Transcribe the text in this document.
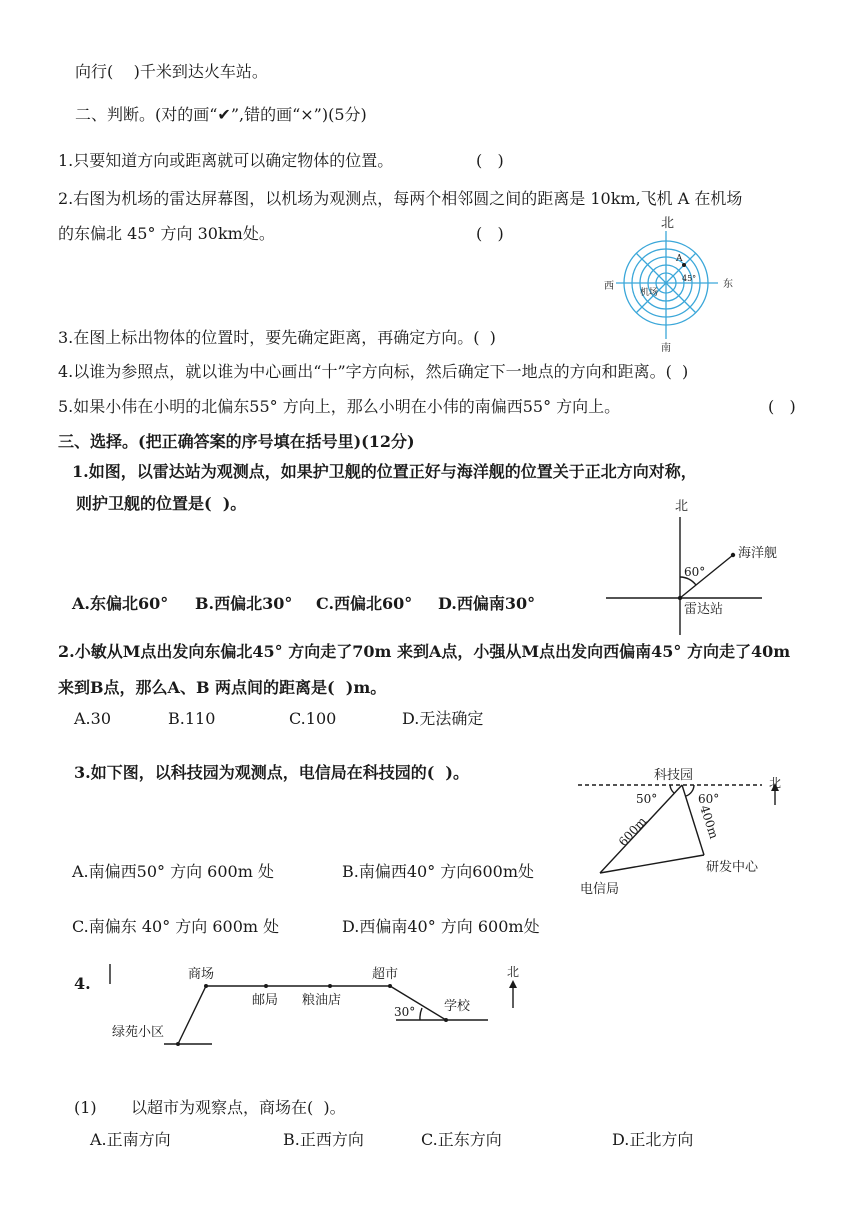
向行(    )千米到达火车站。
二、判断。(对的画“✔”,错的画“×”)(5分)
1.只要知道方向或距离就可以确定物体的位置。	(   )
2.右图为机场的雷达屏幕图，以机场为观测点，每两个相邻圆之间的距离是 10km,飞机 A 在机场
的东偏北 45° 方向 30km处。	(   )
3.在图上标出物体的位置时，要先确定距离，再确定方向。(  )
4.以谁为参照点，就以谁为中心画出“十”字方向标，然后确定下一地点的方向和距离。(  )
5.如果小伟在小明的北偏东55° 方向上，那么小明在小伟的南偏西55° 方向上。	(   )
三、选择。(把正确答案的序号填在括号里)(12分)
1.如图，以雷达站为观测点，如果护卫舰的位置正好与海洋舰的位置关于正北方向对称，
则护卫舰的位置是(  )。
A.东偏北60° B.西偏北30° C.西偏北60° D.西偏南30°
2.小敏从M点出发向东偏北45° 方向走了70m 来到A点，小强从M点出发向西偏南45° 方向走了40m
来到B点，那么A、B 两点间的距离是(  )m。
A.30	B.110	C.100	D.无法确定
3.如下图，以科技园为观测点，电信局在科技园的(  )。
A.南偏西50° 方向 600m 处	B.南偏西40° 方向600m处
C.南偏东 40° 方向 600m 处	D.西偏南40° 方向 600m处
4.
(1) 以超市为观察点，商场在(  )。
A.正南方向	B.正西方向	C.正东方向	D.正北方向
北
南
东
西
机场
A
45°
北
海洋舰
雷达站
60°
科技园	北
50°	60°
600m	400m
研发中心
电信局
商场
邮局 粮油店
超市
学校
绿苑小区
30°
北
